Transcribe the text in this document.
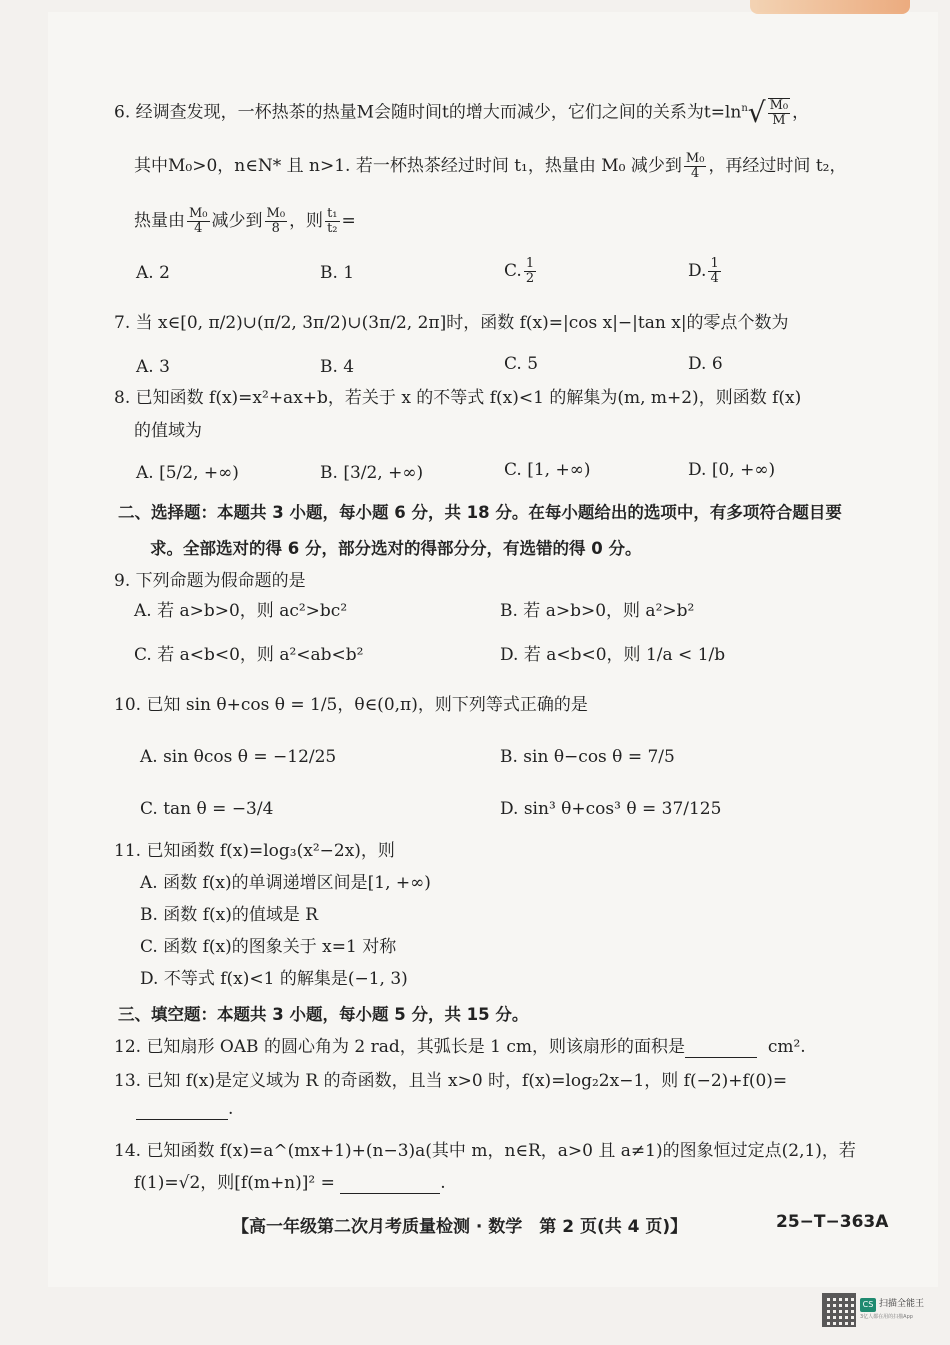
6. 经调查发现，一杯热茶的热量M会随时间t的增大而减少，它们之间的关系为$t=\ln^n√ \frac{\text{M₀}}{M}$ ，
其中M₀>0，n∈N* 且 n>1. 若一杯热茶经过时间 t₁，热量由 M₀ 减少到 $\frac{\text{M₀}}{4}$ ，再经过时间 t₂，
热量由 $\frac{\text{M₀}}{4}$ 减少到 $\frac{\text{M₀}}{8}$ ，则 $\frac{\text{t₁}}{\text{t₂}}$ =
A. 2	B. 1	C. $\frac{1}{2}$	D. $\frac{1}{4}$
7. 当 x∈[0, π/2)∪(π/2, 3π/2)∪(3π/2, 2π]时，函数 f(x)=|cos x|−|tan x|的零点个数为
A. 3	B. 4	C. 5	D. 6
8. 已知函数 f(x)=x²+ax+b，若关于 x 的不等式 f(x)<1 的解集为(m, m+2)，则函数 f(x)
的值域为
A. [5/2, +∞)	B. [3/2, +∞)	C. [1, +∞)	D. [0, +∞)
二、选择题：本题共 3 小题，每小题 6 分，共 18 分。在每小题给出的选项中，有多项符合题目要
求。全部选对的得 6 分，部分选对的得部分分，有选错的得 0 分。
9. 下列命题为假命题的是
A. 若 a>b>0，则 ac²>bc²	B. 若 a>b>0，则 a²>b²
C. 若 a<b<0，则 a²<ab<b²	D. 若 a<b<0，则 1/a < 1/b
10. 已知 sin θ+cos θ = 1/5，θ∈(0,π)，则下列等式正确的是
A. sin θcos θ = −12/25	B. sin θ−cos θ = 7/5
C. tan θ = −3/4	D. sin³ θ+cos³ θ = 37/125
11. 已知函数 f(x)=log₃(x²−2x)，则
A. 函数 f(x)的单调递增区间是[1, +∞)
B. 函数 f(x)的值域是 R
C. 函数 f(x)的图象关于 x=1 对称
D. 不等式 f(x)<1 的解集是(−1, 3)
三、填空题：本题共 3 小题，每小题 5 分，共 15 分。
12. 已知扇形 OAB 的圆心角为 2 rad，其弧长是 1 cm，则该扇形的面积是	cm².
13. 已知 f(x)是定义域为 R 的奇函数，且当 x>0 时，f(x)=log₂2x−1，则 f(−2)+f(0)=
.
14. 已知函数 f(x)=a^(mx+1)+(n−3)a(其中 m，n∈R，a>0 且 a≠1)的图象恒过定点(2,1)，若
f(1)=√2，则[f(m+n)]² =	.
【高一年级第二次月考质量检测 · 数学　第 2 页(共 4 页)】	25−T−363A
CS 扫描全能王
3亿人都在用的扫描App
